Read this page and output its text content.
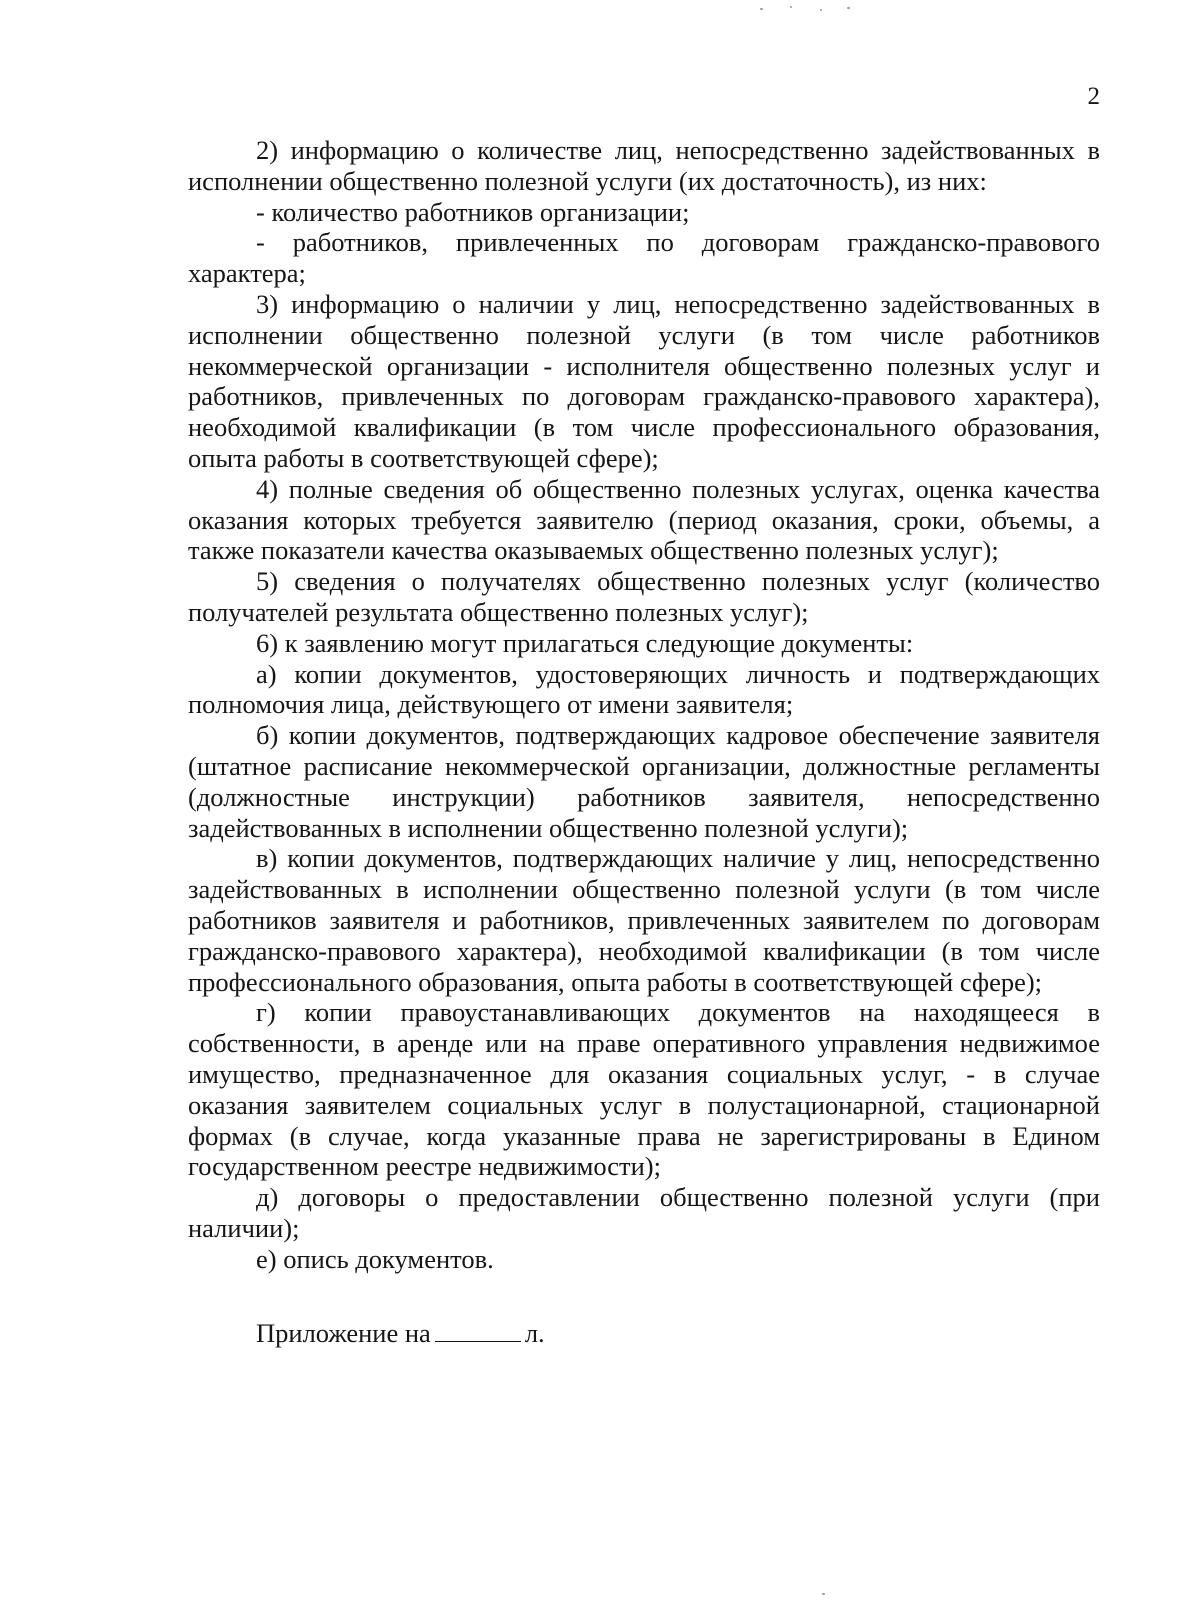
2

2) информацию о количестве лиц, непосредственно задействованных в исполнении общественно полезной услуги (их достаточность), из них:

- количество работников организации;

- работников, привлеченных по договорам гражданско-правового характера;

3) информацию о наличии у лиц, непосредственно задействованных в исполнении общественно полезной услуги (в том числе работников некоммерческой организации - исполнителя общественно полезных услуг и работников, привлеченных по договорам гражданско-правового характера), необходимой квалификации (в том числе профессионального образования, опыта работы в соответствующей сфере);

4) полные сведения об общественно полезных услугах, оценка качества оказания которых требуется заявителю (период оказания, сроки, объемы, а также показатели качества оказываемых общественно полезных услуг);

5) сведения о получателях общественно полезных услуг (количество получателей результата общественно полезных услуг);

6) к заявлению могут прилагаться следующие документы:

а) копии документов, удостоверяющих личность и подтверждающих полномочия лица, действующего от имени заявителя;

б) копии документов, подтверждающих кадровое обеспечение заявителя (штатное расписание некоммерческой организации, должностные регламенты (должностные инструкции) работников заявителя, непосредственно задействованных в исполнении общественно полезной услуги);

в) копии документов, подтверждающих наличие у лиц, непосредственно задействованных в исполнении общественно полезной услуги (в том числе работников заявителя и работников, привлеченных заявителем по договорам гражданско-правового характера), необходимой квалификации (в том числе профессионального образования, опыта работы в соответствующей сфере);

г) копии правоустанавливающих документов на находящееся в собственности, в аренде или на праве оперативного управления недвижимое имущество, предназначенное для оказания социальных услуг, - в случае оказания заявителем социальных услуг в полустационарной, стационарной формах (в случае, когда указанные права не зарегистрированы в Едином государственном реестре недвижимости);

д) договоры о предоставлении общественно полезной услуги (при наличии);

е) опись документов.

Приложение на	л.
